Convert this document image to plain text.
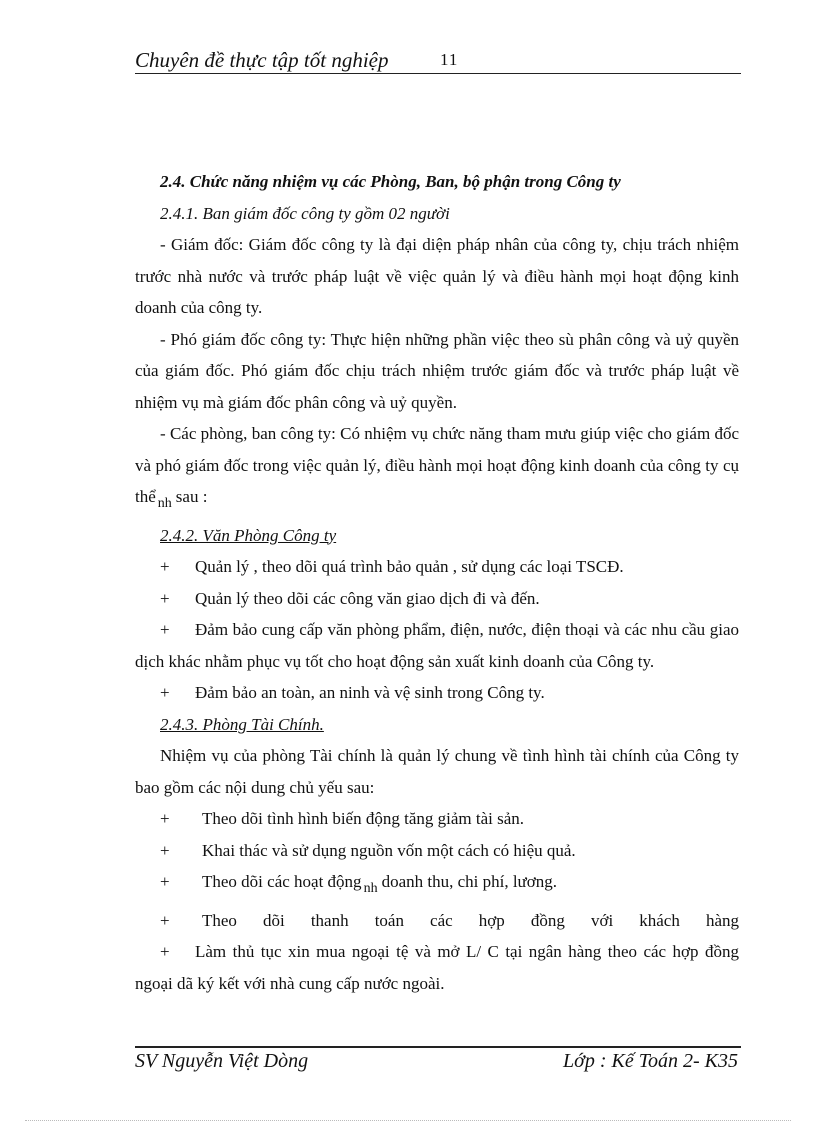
Chuyên đề thực tập tốt nghiệp	11

2.4. Chức năng nhiệm vụ các Phòng, Ban, bộ phận trong Công ty

2.4.1. Ban giám đốc công ty gồm 02 người

- Giám đốc: Giám đốc công ty là đại diện pháp nhân của công ty, chịu trách nhiệm trước nhà nước và trước pháp luật về việc quản lý và điều hành mọi hoạt động kinh doanh của công ty.

- Phó giám đốc công ty: Thực hiện những phần việc theo sù phân công và uỷ quyền của giám đốc. Phó giám đốc chịu trách nhiệm trước giám đốc và trước pháp luật về nhiệm vụ mà giám đốc phân công và uỷ quyền.

- Các phòng, ban công ty: Có nhiệm vụ chức năng tham mưu giúp việc cho giám đốc và phó giám đốc trong việc quản lý, điều hành mọi hoạt động kinh doanh của công ty cụ thể $_{nh}$ sau :

2.4.2. Văn Phòng Công ty

+	Quản lý , theo dõi quá trình bảo quản , sử dụng các loại TSCĐ.
+	Quản lý theo dõi các công văn giao dịch đi và đến.

+ Đảm bảo cung cấp văn phòng phẩm, điện, nước, điện thoại và các nhu cầu giao dịch khác nhằm phục vụ tốt cho hoạt động sản xuất kinh doanh của Công ty.

+	Đảm bảo an toàn, an ninh và vệ sinh trong Công ty.

2.4.3. Phòng Tài Chính.

Nhiệm vụ của phòng Tài chính là quản lý chung về tình hình tài chính của Công ty bao gồm các nội dung chủ yếu sau:

+	Theo dõi tình hình biến động tăng giảm tài sản.
+	Khai thác và sử dụng nguồn vốn một cách có hiệu quả.
+	Theo dõi các hoạt động $_{nh}$ doanh thu, chi phí, lương.
+	Theo dõi thanh toán các hợp đồng với khách hàng

+ Làm thủ tục xin mua ngoại tệ và mở L/ C tại ngân hàng theo các hợp đồng ngoại dã ký kết với nhà cung cấp nước ngoài.

SV Nguyễn Việt Dòng	Lớp : Kế Toán 2- K35
